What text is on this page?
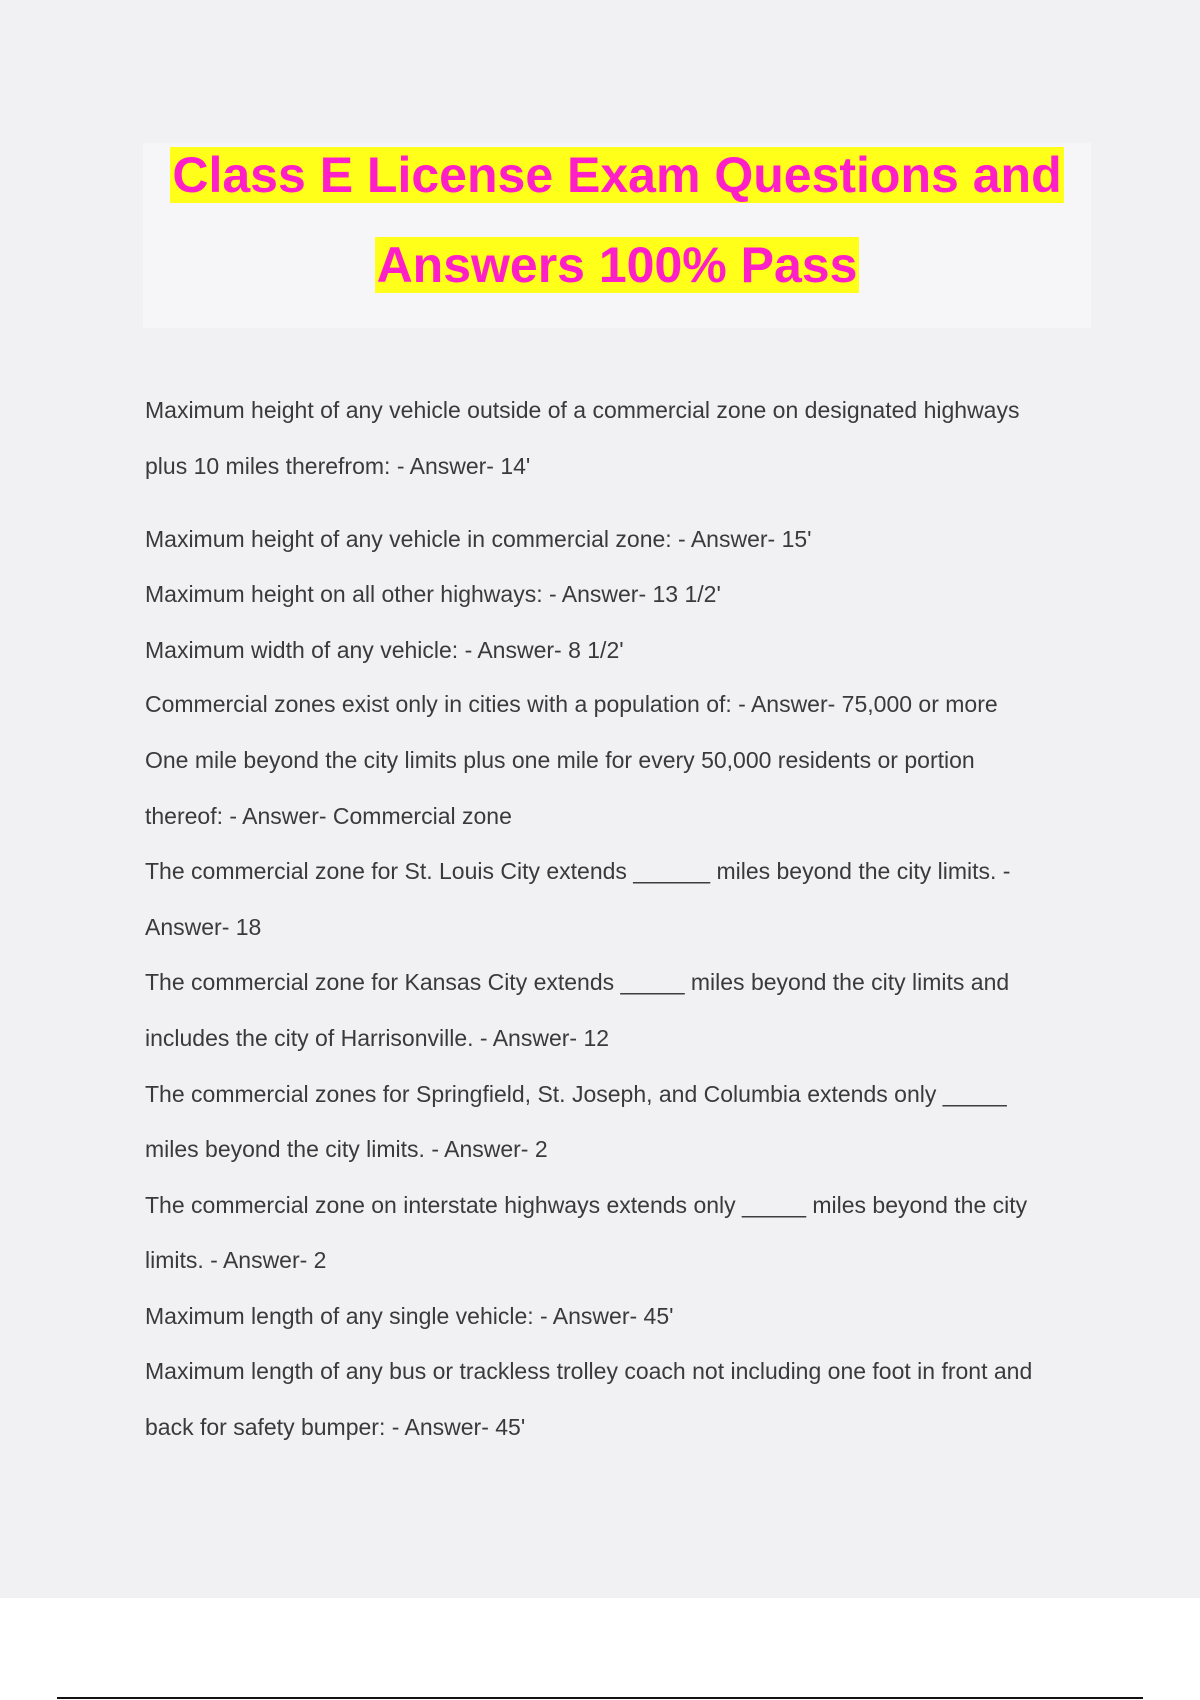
Class E License Exam Questions and
Answers 100% Pass
Maximum height of any vehicle outside of a commercial zone on designated highways
plus 10 miles therefrom: - Answer- 14'
Maximum height of any vehicle in commercial zone: - Answer- 15'
Maximum height on all other highways: - Answer- 13 1/2'
Maximum width of any vehicle: - Answer- 8 1/2'
Commercial zones exist only in cities with a population of: - Answer- 75,000 or more
One mile beyond the city limits plus one mile for every 50,000 residents or portion
thereof: - Answer- Commercial zone
The commercial zone for St. Louis City extends ______ miles beyond the city limits. -
Answer- 18
The commercial zone for Kansas City extends _____ miles beyond the city limits and
includes the city of Harrisonville. - Answer- 12
The commercial zones for Springfield, St. Joseph, and Columbia extends only _____
miles beyond the city limits. - Answer- 2
The commercial zone on interstate highways extends only _____ miles beyond the city
limits. - Answer- 2
Maximum length of any single vehicle: - Answer- 45'
Maximum length of any bus or trackless trolley coach not including one foot in front and
back for safety bumper: - Answer- 45'
